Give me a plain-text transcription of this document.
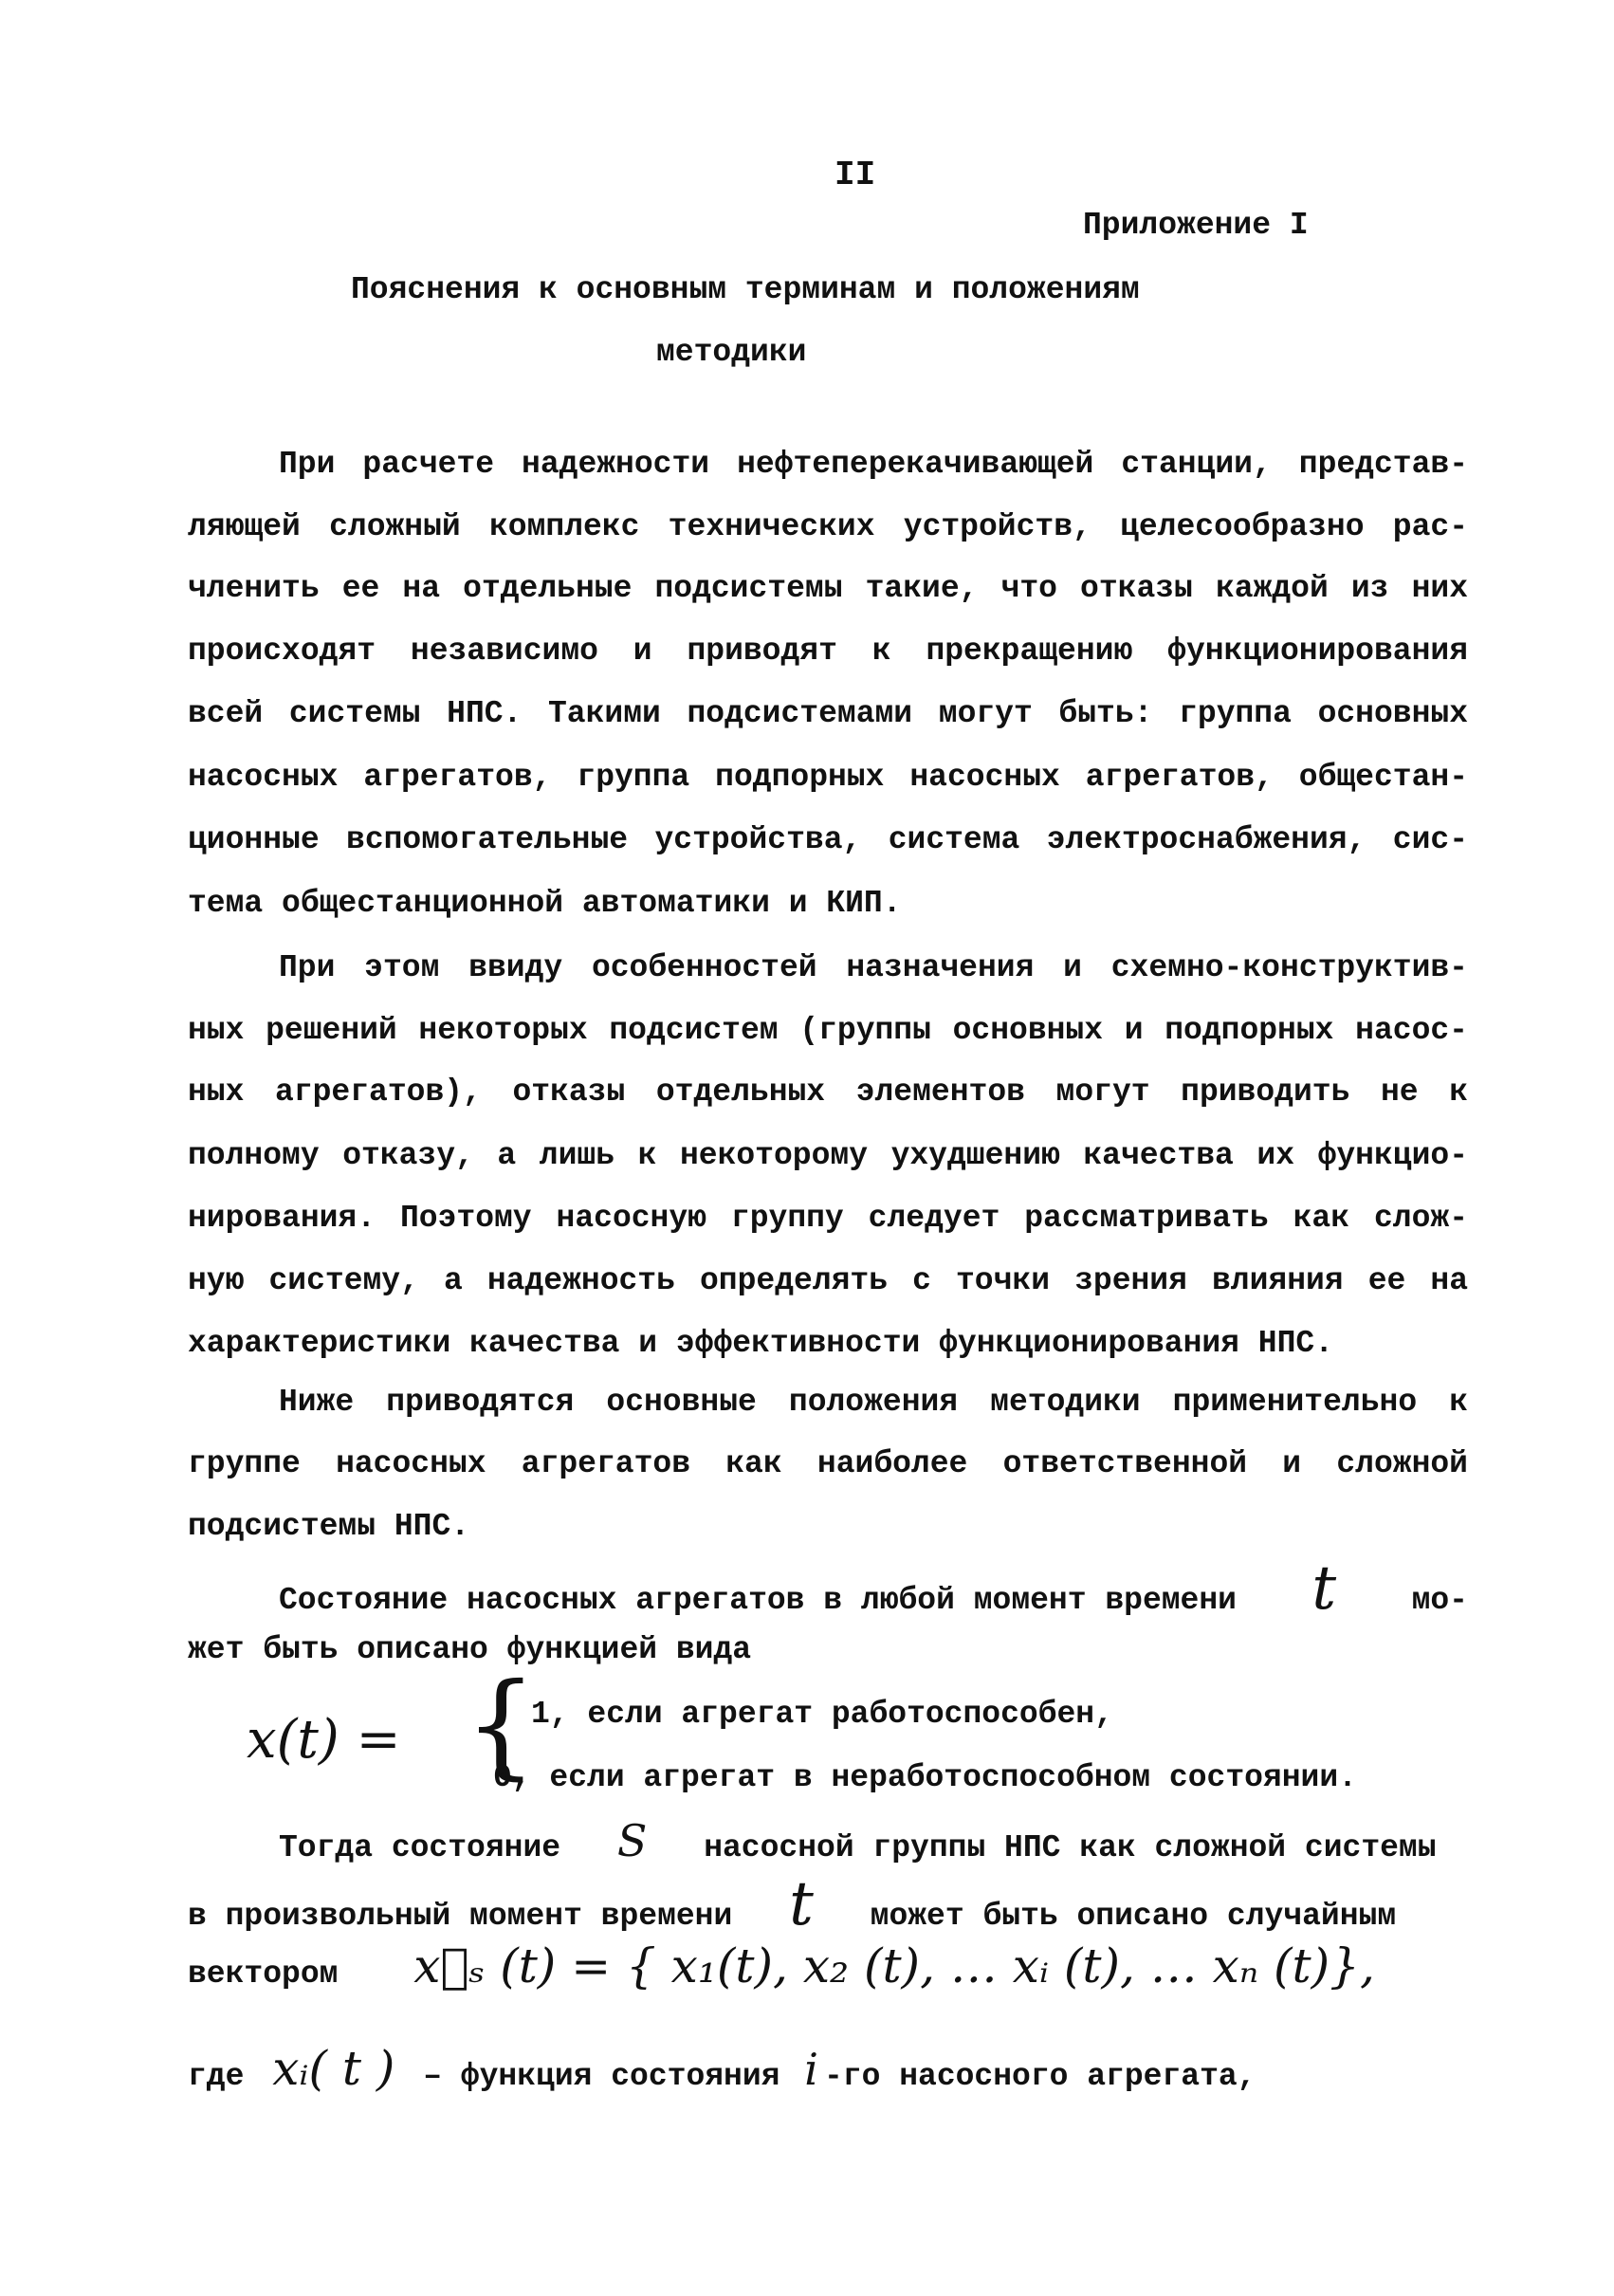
II
Приложение I
Пояснения к основным терминам и положениям
методики
При расчете надежности нефтеперекачивающей станции, представ-
ляющей сложный комплекс технических устройств, целесообразно рас-
членить ее на отдельные подсистемы такие, что отказы каждой из них
происходят независимо и приводят к прекращению функционирования
всей системы НПС. Такими подсистемами могут быть: группа основных
насосных агрегатов, группа подпорных насосных агрегатов, общестан-
ционные вспомогательные устройства, система электроснабжения, сис-
тема общестанционной автоматики и КИП.
При этом ввиду особенностей назначения и схемно-конструктив-
ных решений некоторых подсистем (группы основных и подпорных насос-
ных агрегатов), отказы отдельных элементов могут приводить не к
полному отказу, а лишь к некоторому ухудшению качества их функцио-
нирования. Поэтому насосную группу следует рассматривать как слож-
ную систему, а надежность определять с точки зрения влияния ее на
характеристики качества и эффективности функционирования НПС.
Ниже приводятся основные положения методики применительно к
группе насосных агрегатов как наиболее ответственной и сложной
подсистемы НПС.
Состояние насосных агрегатов в любой момент времени t мо-
жет быть описано функцией вида
x(t) = {
1, если агрегат работоспособен,
0, если агрегат в неработоспособном состоянии.
Тогда состояние S насосной группы НПС как сложной системы
в произвольный момент времени t может быть описано случайным
вектором x⃗ₛ (t) = { x₁(t), x₂ (t), … xᵢ (t), … xₙ (t)},
где xᵢ( t ) – функция состояния i -го насосного агрегата,
